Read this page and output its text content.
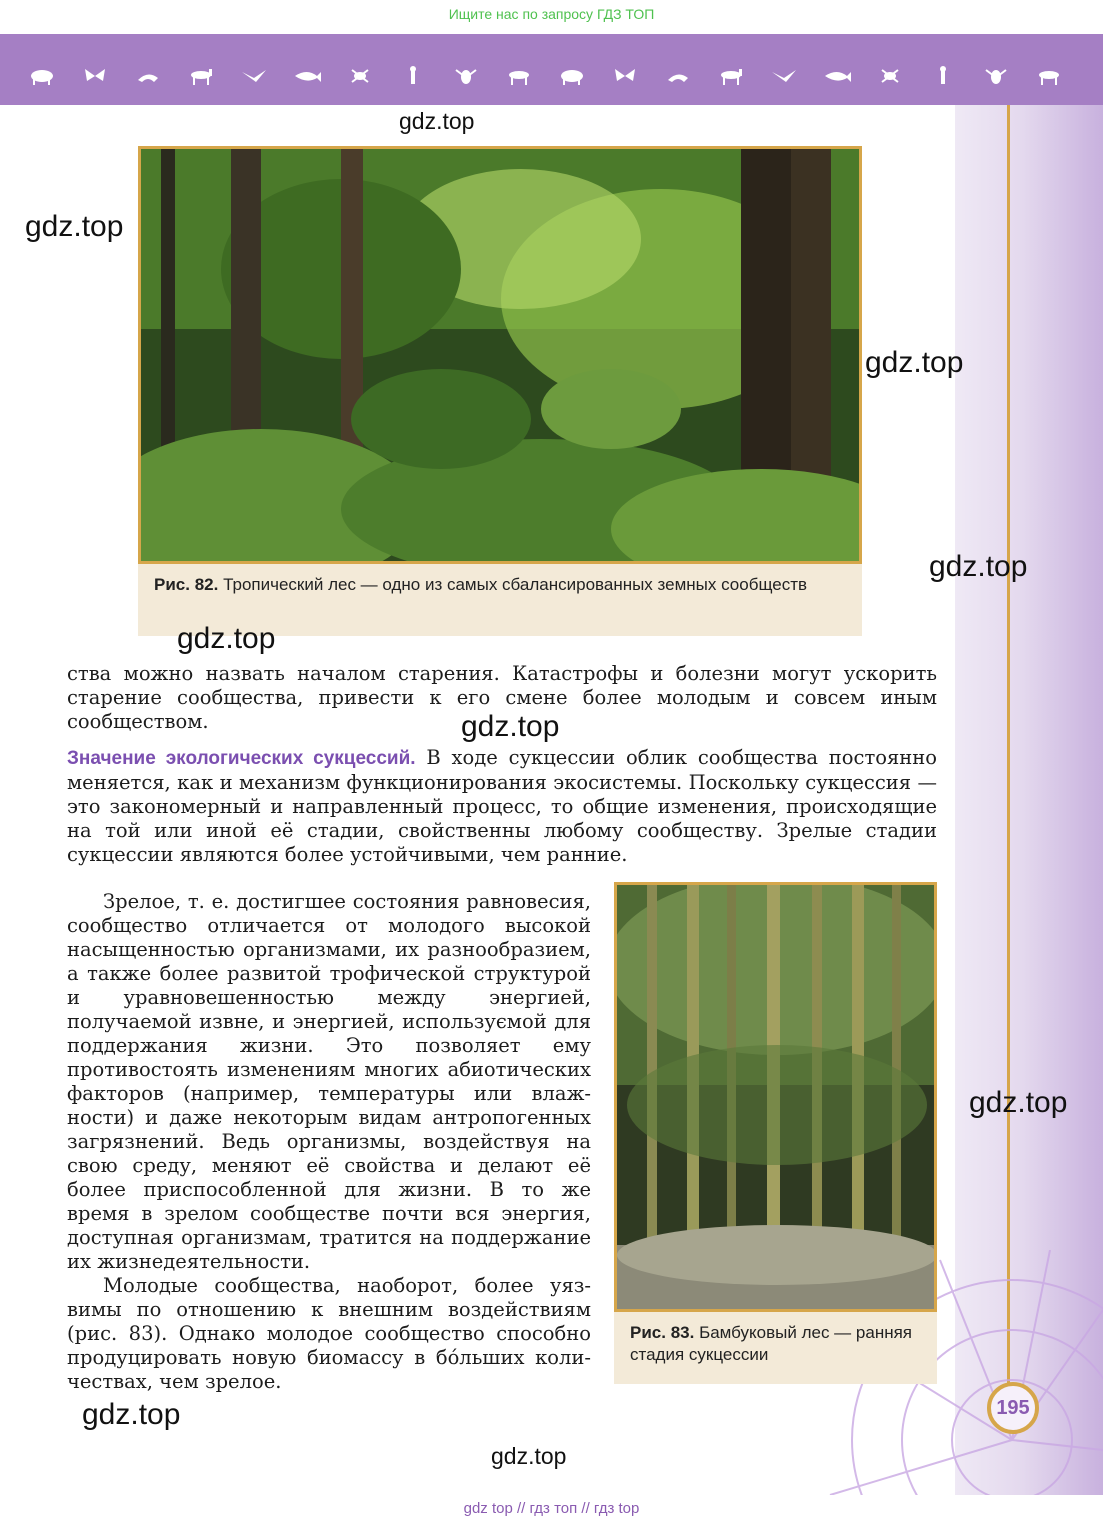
Ищите нас по запросу ГДЗ ТОП
195
Рис. 82. Тропический лес — одно из самых сбалансированных земных сообществ
Рис. 83. Бамбуковый лес — ранняя стадия сукцессии

ства можно назвать началом старения. Катастрофы и болезни могут ускорить старение сообщества, привести к его смене более молодым и совсем иным сообществом.

Значение экологических сукцессий. В ходе сукцессии облик сообщества постоянно меняется, как и механизм функционирования экосистемы. Поскольку сукцессия — это закономерный и направленный процесс, то общие изменения, происходящие на той или иной её стадии, свойственны любому сообществу. Зрелые стадии сукцессии являются более устойчивыми, чем ранние.

Зрелое, т. е. достигшее состояния равновесия, сообщество отличается от молодого высокой насыщенностью организмами, их разнообразием, а также более развитой трофической структурой и уравновешенностью между энергией, получаемой извне, и энергией, используємой для поддержания жизни. Это позволяет ему противостоять изменениям многих абиотических факторов (например, температуры или влажности) и даже некоторым видам антропогенных загрязнений. Ведь организмы, воздействуя на свою среду, меняют её свойства и делают её более приспособленной для жизни. В то же время в зрелом сообществе почти вся энергия, доступная организмам, тратится на поддержание их жизнедеятельности.

Молодые сообщества, наоборот, более уязвимы по отношению к внешним воздействиям (рис. 83). Однако молодое сообщество способно продуцировать новую биомассу в бо́льших количествах, чем зрелое.

gdz.top
gdz.top
gdz.top
gdz.top
gdz.top
gdz.top
gdz.top
gdz.top
gdz.top
gdz top // гдз топ // гдз top
